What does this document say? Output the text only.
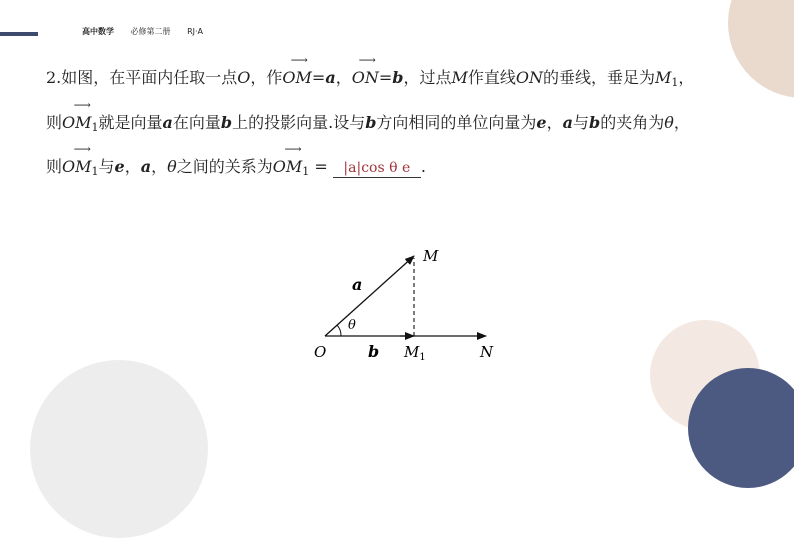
高中数学 必修第二册 RJ·A
2.如图，在平面内任取一点O，作
⟶
OM=a，
⟶
ON=b，过点M作直线ON的垂线，垂足为$M_1$，
则
⟶
$OM_1$就是向量a在向量b上的投影向量.设与b方向相同的单位向量为e，a与b的夹角为θ，
则
⟶
$OM_1$与e，a，θ之间的关系为
⟶
$OM_1 = |a|\cos$ θ e .
M
a
θ
O	b $M_1$	N
